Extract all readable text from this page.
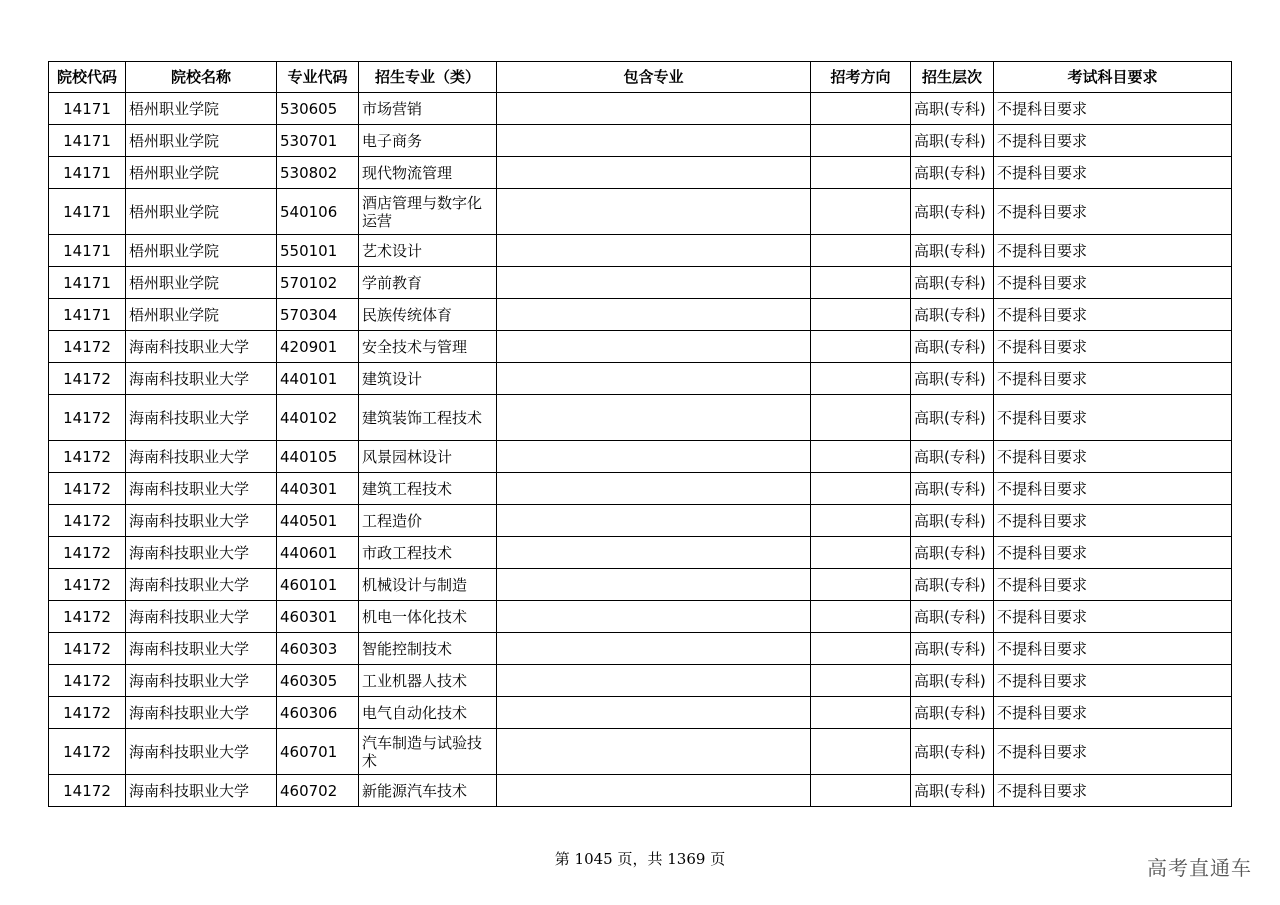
院校代码	院校名称	专业代码	招生专业（类）	包含专业	招考方向	招生层次	考试科目要求
14171	梧州职业学院	530605	市场营销			高职(专科)	不提科目要求
14171	梧州职业学院	530701	电子商务			高职(专科)	不提科目要求
14171	梧州职业学院	530802	现代物流管理			高职(专科)	不提科目要求
14171	梧州职业学院	540106	酒店管理与数字化运营			高职(专科)	不提科目要求
14171	梧州职业学院	550101	艺术设计			高职(专科)	不提科目要求
14171	梧州职业学院	570102	学前教育			高职(专科)	不提科目要求
14171	梧州职业学院	570304	民族传统体育			高职(专科)	不提科目要求
14172	海南科技职业大学	420901	安全技术与管理			高职(专科)	不提科目要求
14172	海南科技职业大学	440101	建筑设计			高职(专科)	不提科目要求
14172	海南科技职业大学	440102	建筑装饰工程技术			高职(专科)	不提科目要求
14172	海南科技职业大学	440105	风景园林设计			高职(专科)	不提科目要求
14172	海南科技职业大学	440301	建筑工程技术			高职(专科)	不提科目要求
14172	海南科技职业大学	440501	工程造价			高职(专科)	不提科目要求
14172	海南科技职业大学	440601	市政工程技术			高职(专科)	不提科目要求
14172	海南科技职业大学	460101	机械设计与制造			高职(专科)	不提科目要求
14172	海南科技职业大学	460301	机电一体化技术			高职(专科)	不提科目要求
14172	海南科技职业大学	460303	智能控制技术			高职(专科)	不提科目要求
14172	海南科技职业大学	460305	工业机器人技术			高职(专科)	不提科目要求
14172	海南科技职业大学	460306	电气自动化技术			高职(专科)	不提科目要求
14172	海南科技职业大学	460701	汽车制造与试验技术			高职(专科)	不提科目要求
14172	海南科技职业大学	460702	新能源汽车技术			高职(专科)	不提科目要求
第 1045 页，共 1369 页	高考直通车
